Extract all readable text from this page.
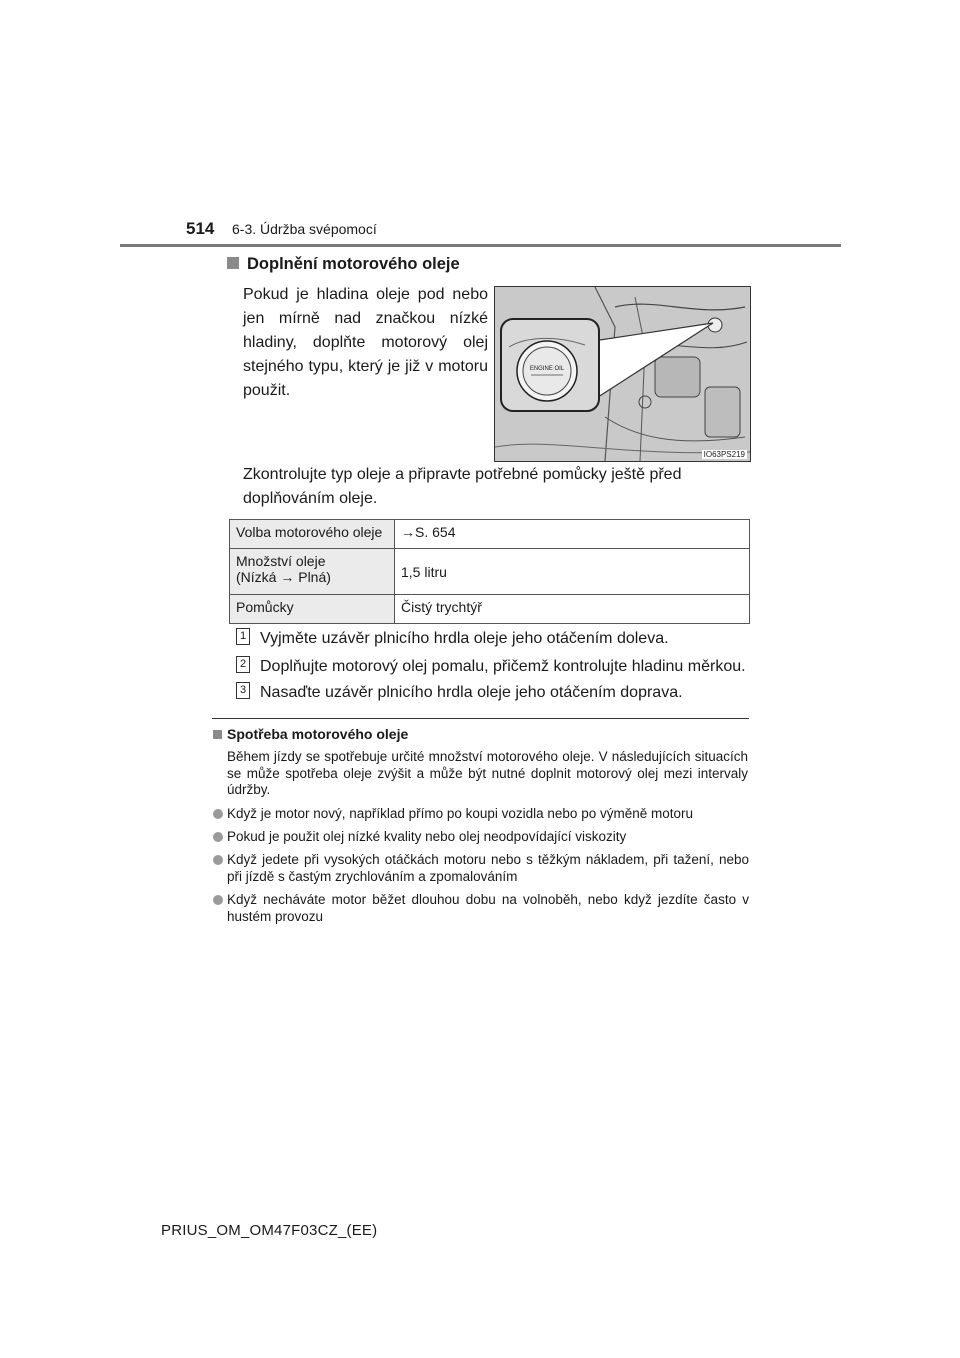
514 6-3. Údržba svépomocí
Doplnění motorového oleje
Pokud je hladina oleje pod nebo jen mírně nad značkou nízké hladiny, doplňte motorový olej stejného typu, který je již v motoru použit.
ENGINE OIL
IO63PS219
Zkontrolujte typ oleje a připravte potřebné pomůcky ještě před doplňováním oleje.
Volba motorového oleje	→S. 654

Množství oleje
(Nízká → Plná)	1,5 litru
Pomůcky	Čistý trychtýř
1 Vyjměte uzávěr plnicího hrdla oleje jeho otáčením doleva.
2 Doplňujte motorový olej pomalu, přičemž kontrolujte hladinu měrkou.
3 Nasaďte uzávěr plnicího hrdla oleje jeho otáčením doprava.
Spotřeba motorového oleje
Během jízdy se spotřebuje určité množství motorového oleje. V následujících situacích se může spotřeba oleje zvýšit a může být nutné doplnit motorový olej mezi intervaly údržby.
Když je motor nový, například přímo po koupi vozidla nebo po výměně motoru
Pokud je použit olej nízké kvality nebo olej neodpovídající viskozity
Když jedete při vysokých otáčkách motoru nebo s těžkým nákladem, při tažení, nebo při jízdě s častým zrychlováním a zpomalováním
Když necháváte motor běžet dlouhou dobu na volnoběh, nebo když jezdíte často v hustém provozu
PRIUS_OM_OM47F03CZ_(EE)
